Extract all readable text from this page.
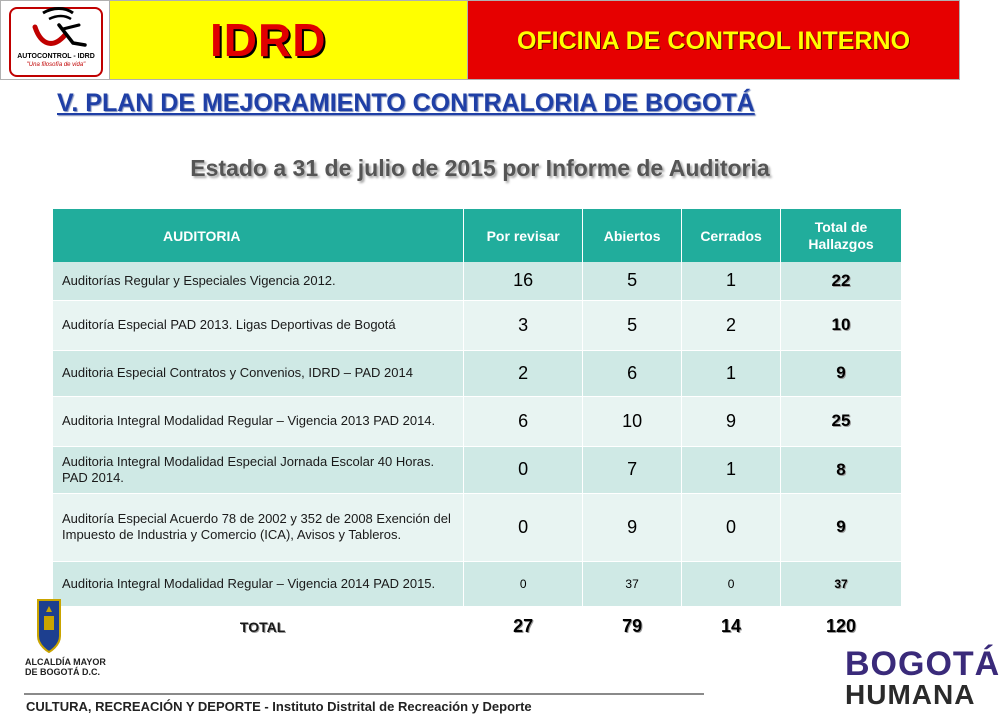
AUTOCONTROL - IDRD
"Una filosofía de vida"	IDRD	OFICINA DE CONTROL INTERNO
V. PLAN DE MEJORAMIENTO CONTRALORIA DE BOGOTÁ
Estado a 31 de julio de 2015 por Informe de Auditoria
AUDITORIA	Por revisar	Abiertos	Cerrados	Total de Hallazgos
Auditorías Regular y Especiales Vigencia 2012.	16	5	1	22
Auditoría Especial PAD 2013. Ligas Deportivas de Bogotá	3	5	2	10
Auditoria Especial Contratos y Convenios, IDRD – PAD 2014	2	6	1	9
Auditoria Integral Modalidad Regular – Vigencia 2013 PAD 2014.	6	10	9	25
Auditoria Integral Modalidad Especial Jornada Escolar 40 Horas. PAD 2014.	0	7	1	8
Auditoría Especial Acuerdo 78 de 2002 y 352 de 2008 Exención del Impuesto de Industria y Comercio (ICA), Avisos y Tableros.	0	9	0	9
Auditoria Integral Modalidad Regular – Vigencia 2014 PAD 2015.	0	37	0	37
TOTAL	27	79	14	120
ALCALDÍA MAYOR
DE BOGOTÁ D.C.
CULTURA, RECREACIÓN Y DEPORTE - Instituto Distrital de Recreación y Deporte
BOGOTÁ
HUMANA
